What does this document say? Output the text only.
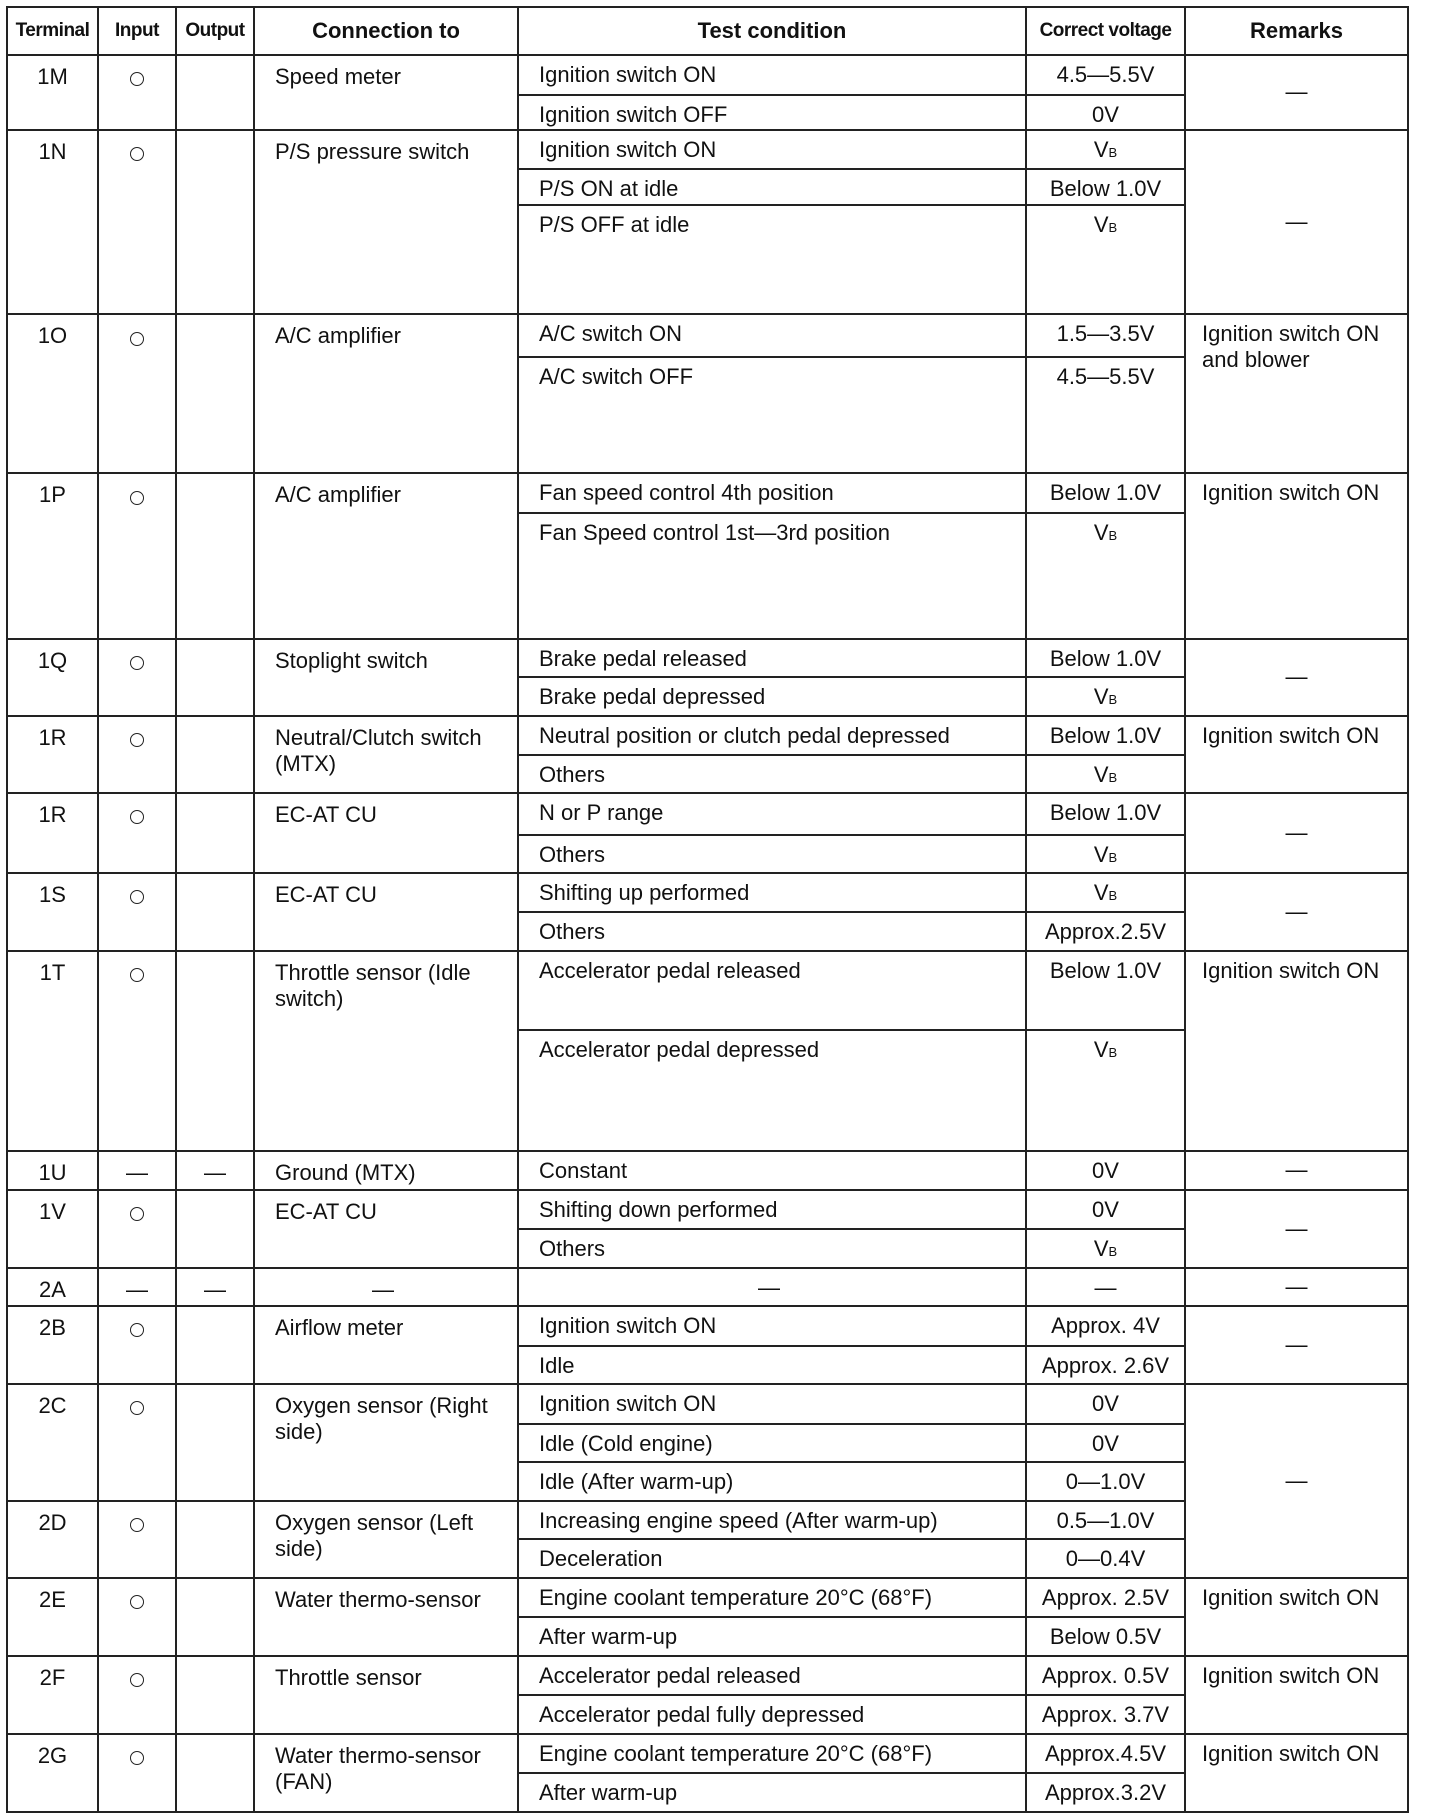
Terminal	Input	Output	Connection to	Test condition	Correct voltage	Remarks
1M			Speed meter	Ignition switch ON	4.5—5.5V	—
				Ignition switch OFF	0V	
1N			P/S pressure switch	Ignition switch ON	VB	—
				P/S ON at idle	Below 1.0V	
				P/S OFF at idle	VB	
1O			A/C amplifier	A/C switch ON	1.5—3.5V	Ignition switch ON and blower
				A/C switch OFF	4.5—5.5V	
1P			A/C amplifier	Fan speed control 4th position	Below 1.0V	Ignition switch ON
				Fan Speed control 1st—3rd position	VB	
1Q			Stoplight switch	Brake pedal released	Below 1.0V	—
				Brake pedal depressed	VB	
1R			Neutral/Clutch switch (MTX)	Neutral position or clutch pedal depressed	Below 1.0V	Ignition switch ON
				Others	VB	
1R			EC-AT CU	N or P range	Below 1.0V	—
				Others	VB	
1S			EC-AT CU	Shifting up performed	VB	—
				Others	Approx.2.5V	
1T			Throttle sensor (Idle switch)	Accelerator pedal released	Below 1.0V	Ignition switch ON
				Accelerator pedal depressed	VB	
1U	—	—	Ground (MTX)	Constant	0V	—
1V			EC-AT CU	Shifting down performed	0V	—
				Others	VB	
2A	—	—	—	—	—	—
2B			Airflow meter	Ignition switch ON	Approx. 4V	—
				Idle	Approx. 2.6V	
2C			Oxygen sensor (Right side)	Ignition switch ON	0V	—
				Idle (Cold engine)	0V	
				Idle (After warm-up)	0—1.0V	
2D			Oxygen sensor (Left side)	Increasing engine speed (After warm-up)	0.5—1.0V	
				Deceleration	0—0.4V	
2E			Water thermo-sensor	Engine coolant temperature 20°C (68°F)	Approx. 2.5V	Ignition switch ON
				After warm-up	Below 0.5V	
2F			Throttle sensor	Accelerator pedal released	Approx. 0.5V	Ignition switch ON
				Accelerator pedal fully depressed	Approx. 3.7V	
2G			Water thermo-sensor (FAN)	Engine coolant temperature 20°C (68°F)	Approx.4.5V	Ignition switch ON
				After warm-up	Approx.3.2V	
